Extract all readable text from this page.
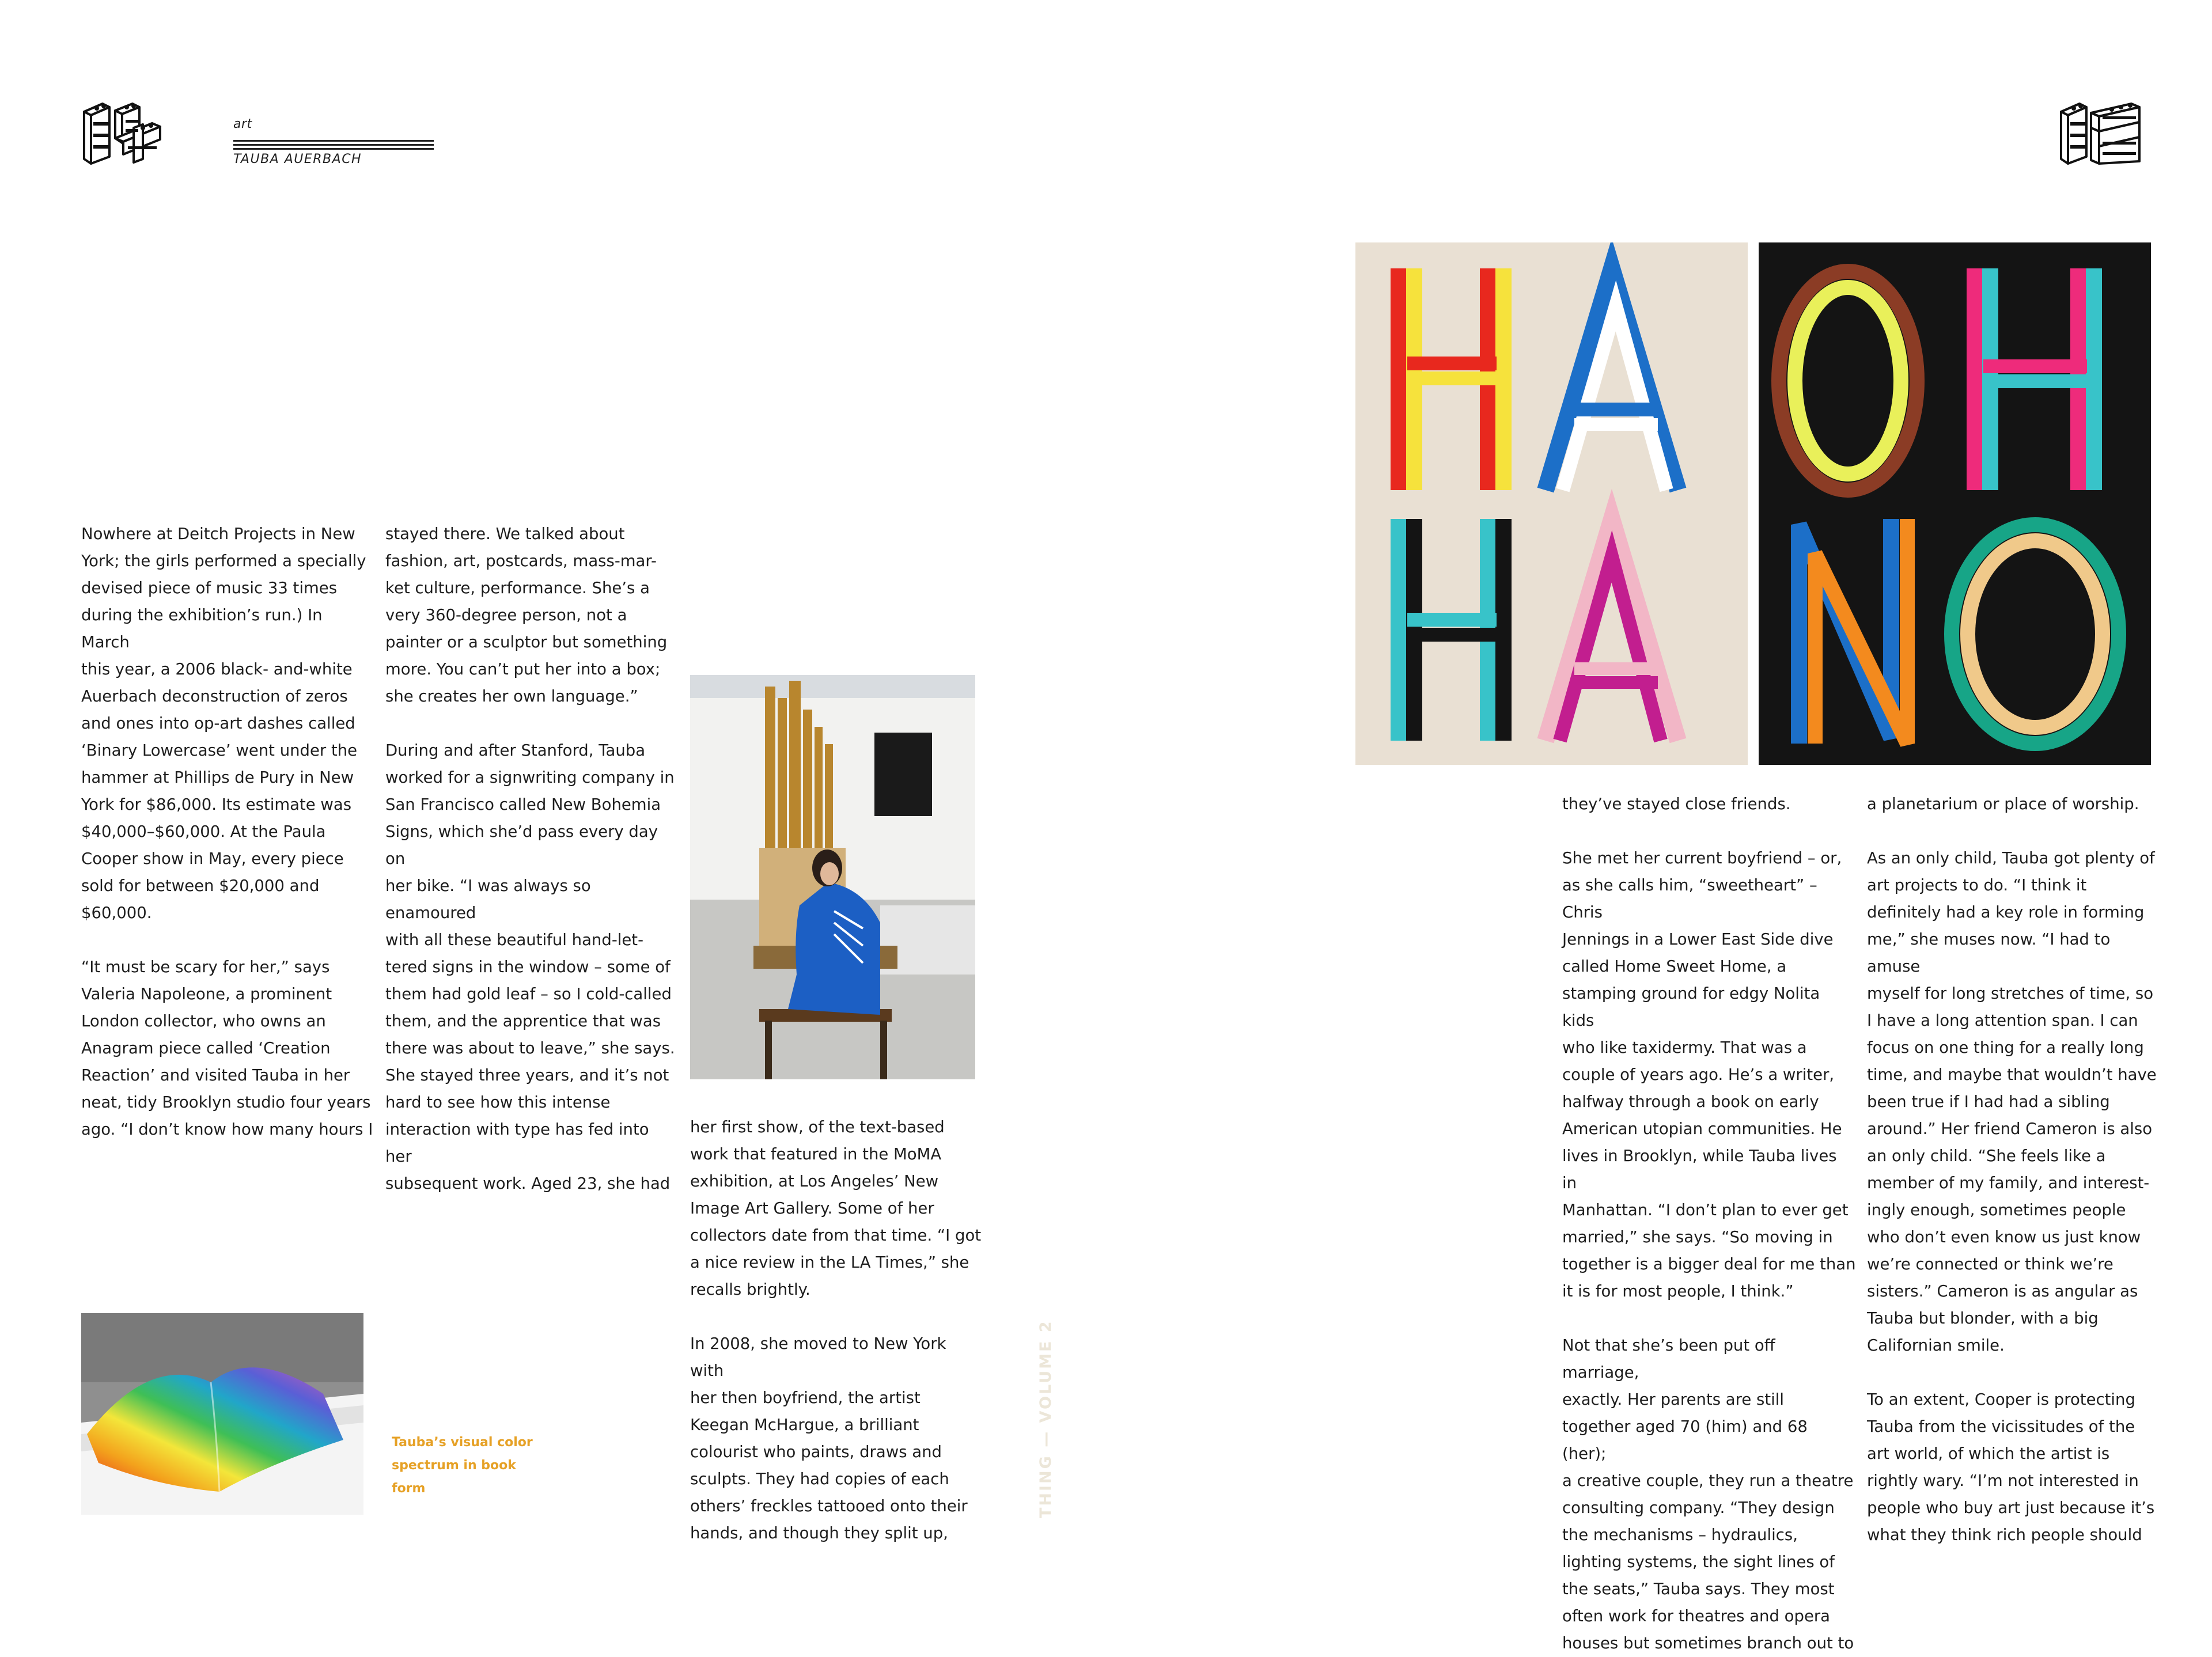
14
art
TAUBA AUERBACH
15
Nowhere at Deitch Projects in New
York; the girls performed a specially
devised piece of music 33 times
during the exhibition’s run.) In March
this year, a 2006 black- and-white
Auerbach deconstruction of zeros
and ones into op-art dashes called
‘Binary Lowercase’ went under the
hammer at Phillips de Pury in New
York for $86,000. Its estimate was
$40,000–$60,000. At the Paula
Cooper show in May, every piece
sold for between $20,000 and
$60,000.

“It must be scary for her,” says
Valeria Napoleone, a prominent
London collector, who owns an
Anagram piece called ‘Creation
Reaction’ and visited Tauba in her
neat, tidy Brooklyn studio four years
ago. “I don’t know how many hours I
stayed there. We talked about
fashion, art, postcards, mass-mar-
ket culture, performance. She’s a
very 360-degree person, not a
painter or a sculptor but something
more. You can’t put her into a box;
she creates her own language.”

During and after Stanford, Tauba
worked for a signwriting company in
San Francisco called New Bohemia
Signs, which she’d pass every day on
her bike. “I was always so enamoured
with all these beautiful hand-let-
tered signs in the window – some of
them had gold leaf – so I cold-called
them, and the apprentice that was
there was about to leave,” she says.
She stayed three years, and it’s not
hard to see how this intense
interaction with type has fed into her
subsequent work. Aged 23, she had
her first show, of the text-based
work that featured in the MoMA
exhibition, at Los Angeles’ New
Image Art Gallery. Some of her
collectors date from that time. “I got
a nice review in the LA Times,” she
recalls brightly.

In 2008, she moved to New York with
her then boyfriend, the artist
Keegan McHargue, a brilliant
colourist who paints, draws and
sculpts. They had copies of each
others’ freckles tattooed onto their
hands, and though they split up,
they’ve stayed close friends.

She met her current boyfriend – or,
as she calls him, “sweetheart” – Chris
Jennings in a Lower East Side dive
called Home Sweet Home, a
stamping ground for edgy Nolita kids
who like taxidermy. That was a
couple of years ago. He’s a writer,
halfway through a book on early
American utopian communities. He
lives in Brooklyn, while Tauba lives in
Manhattan. “I don’t plan to ever get
married,” she says. “So moving in
together is a bigger deal for me than
it is for most people, I think.”

Not that she’s been put off marriage,
exactly. Her parents are still
together aged 70 (him) and 68 (her);
a creative couple, they run a theatre
consulting company. “They design
the mechanisms – hydraulics,
lighting systems, the sight lines of
the seats,” Tauba says. They most
often work for theatres and opera
houses but sometimes branch out to
a planetarium or place of worship.

As an only child, Tauba got plenty of
art projects to do. “I think it
definitely had a key role in forming
me,” she muses now. “I had to amuse
myself for long stretches of time, so
I have a long attention span. I can
focus on one thing for a really long
time, and maybe that wouldn’t have
been true if I had had a sibling
around.” Her friend Cameron is also
an only child. “She feels like a
member of my family, and interest-
ingly enough, sometimes people
who don’t even know us just know
we’re connected or think we’re
sisters.” Cameron is as angular as
Tauba but blonder, with a big
Californian smile.

To an extent, Cooper is protecting
Tauba from the vicissitudes of the
art world, of which the artist is
rightly wary. “I’m not interested in
people who buy art just because it’s
what they think rich people should
Tauba’s visual color
spectrum in book
form	THING — VOLUME 2
